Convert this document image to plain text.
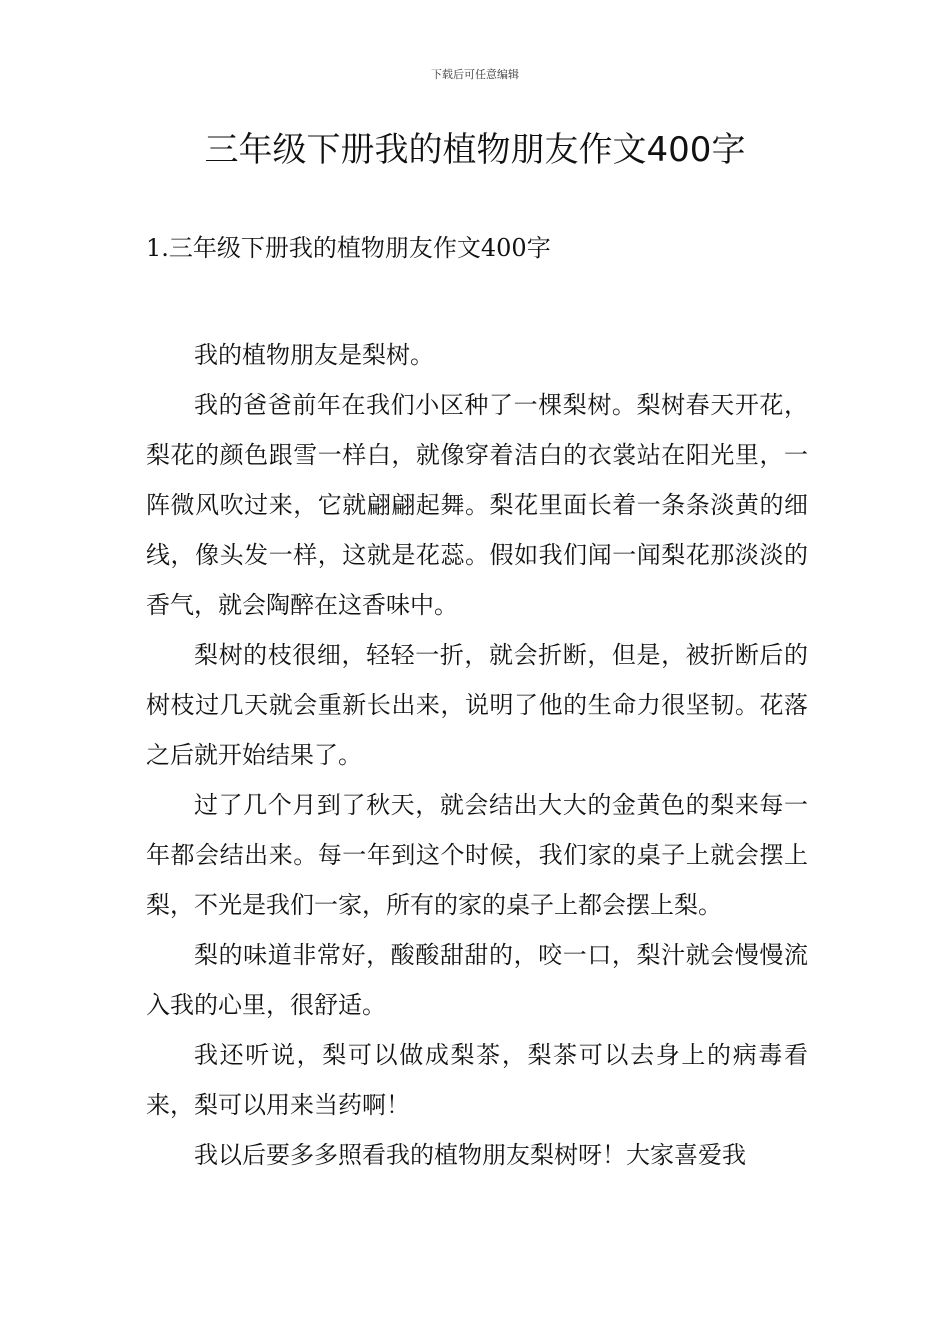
下载后可任意编辑
三年级下册我的植物朋友作文400字
1.三年级下册我的植物朋友作文400字

我的植物朋友是梨树。

我的爸爸前年在我们小区种了一棵梨树。梨树春天开花，梨花的颜色跟雪一样白，就像穿着洁白的衣裳站在阳光里，一阵微风吹过来，它就翩翩起舞。梨花里面长着一条条淡黄的细线，像头发一样，这就是花蕊。假如我们闻一闻梨花那淡淡的香气，就会陶醉在这香味中。

梨树的枝很细，轻轻一折，就会折断，但是，被折断后的树枝过几天就会重新长出来，说明了他的生命力很坚韧。花落之后就开始结果了。

过了几个月到了秋天，就会结出大大的金黄色的梨来每一年都会结出来。每一年到这个时候，我们家的桌子上就会摆上梨，不光是我们一家，所有的家的桌子上都会摆上梨。

梨的味道非常好，酸酸甜甜的，咬一口，梨汁就会慢慢流入我的心里，很舒适。

我还听说，梨可以做成梨茶，梨茶可以去身上的病毒看来，梨可以用来当药啊！

我以后要多多照看我的植物朋友梨树呀！大家喜爱我
